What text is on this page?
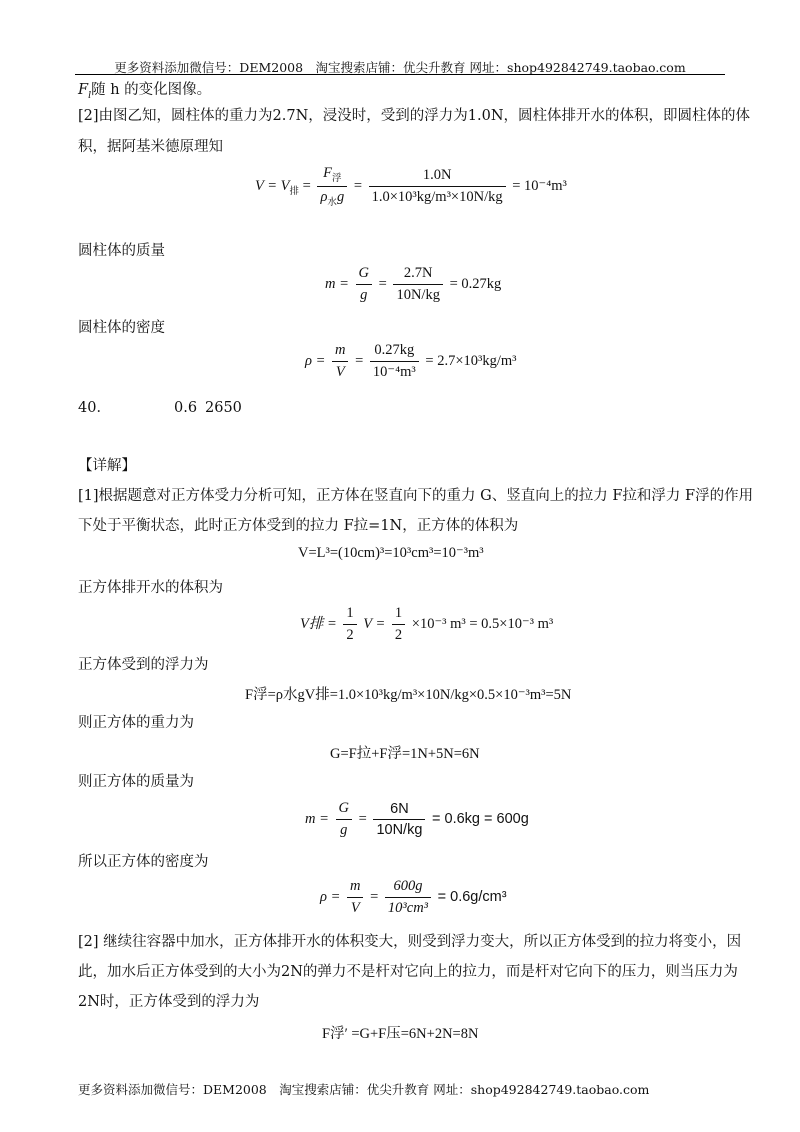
更多资料添加微信号：DEM2008　淘宝搜索店铺：优尖升教育 网址：shop492842749.taobao.com
$F_l$随 h 的变化图像。
[2]由图乙知，圆柱体的重力为2.7N，浸没时，受到的浮力为1.0N，圆柱体排开水的体积，即圆柱体的体
积，据阿基米德原理知
$V = V_排 = \frac{F_浮}{\rho_水g} = \frac{1.0N}{\text{1.0×10³kg/m³×10N/kg}} = 10^{-4}m^3$
圆柱体的质量
$m = \frac{G}{g} = \frac{2.7N}{10N/kg} = 0.27kg$
圆柱体的密度
$\rho = \frac{m}{V} = \frac{0.27kg}{\text{10⁻⁴m³}} = 2.7\times 10^3kg/m^3$
40．	0.6 2650
【详解】
[1]根据题意对正方体受力分析可知，正方体在竖直向下的重力 G、竖直向上的拉力 F拉和浮力 F浮的作用
下处于平衡状态，此时正方体受到的拉力 F拉=1N，正方体的体积为
V=L³=(10cm)³=10³cm³=10⁻³m³
正方体排开水的体积为
V排 = $\frac{1}{2}$ $V = \frac{1}{2} \times 10^{-3}$ m³ = 0.5×10⁻³ m³
正方体受到的浮力为
F浮=ρ水gV排=1.0×10³kg/m³×10N/kg×0.5×10⁻³m³=5N
则正方体的重力为
G=F拉+F浮=1N+5N=6N
则正方体的质量为
$m = \frac{G}{g} = \frac{6N}{10N/kg} = 0.6kg = 600g$
所以正方体的密度为
$\rho = \frac{m}{V} = \frac{600g}{\text{10³cm³}} = 0.6g/cm^3$
[2] 继续往容器中加水，正方体排开水的体积变大，则受到浮力变大，所以正方体受到的拉力将变小，因
此，加水后正方体受到的大小为2N的弹力不是杆对它向上的拉力，而是杆对它向下的压力，则当压力为
2N时，正方体受到的浮力为
F浮′ =G+F压=6N+2N=8N
更多资料添加微信号：DEM2008　淘宝搜索店铺：优尖升教育 网址：shop492842749.taobao.com
